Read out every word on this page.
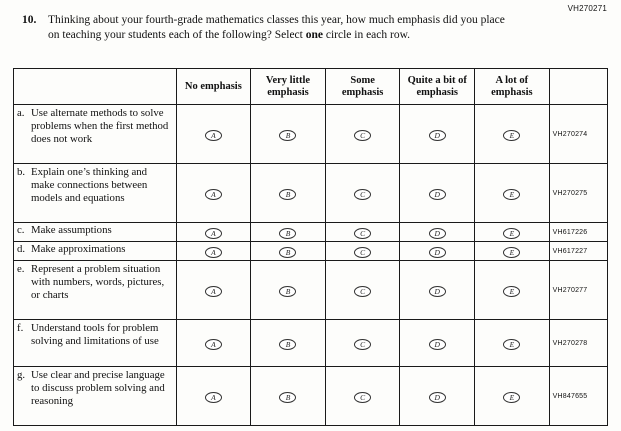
VH270271
10.	Thinking about your fourth-grade mathematics classes this year, how much emphasis did you place on teaching your students each of the following? Select one circle in each row.
	No emphasis	Very little emphasis	Some emphasis	Quite a bit of emphasis	A lot of emphasis	

a. Use alternate methods to solve problems when the first method does not work	A	B	C	D	E	VH270274

b. Explain one’s thinking and make connections between models and equations	A	B	C	D	E	VH270275

c. Make assumptions	A	B	C	D	E	VH617226

d. Make approximations	A	B	C	D	E	VH617227

e. Represent a problem situation with numbers, words, pictures, or charts	A	B	C	D	E	VH270277

f. Understand tools for problem solving and limitations of use	A	B	C	D	E	VH270278

g. Use clear and precise language to discuss problem solving and reasoning	A	B	C	D	E	VH847655
